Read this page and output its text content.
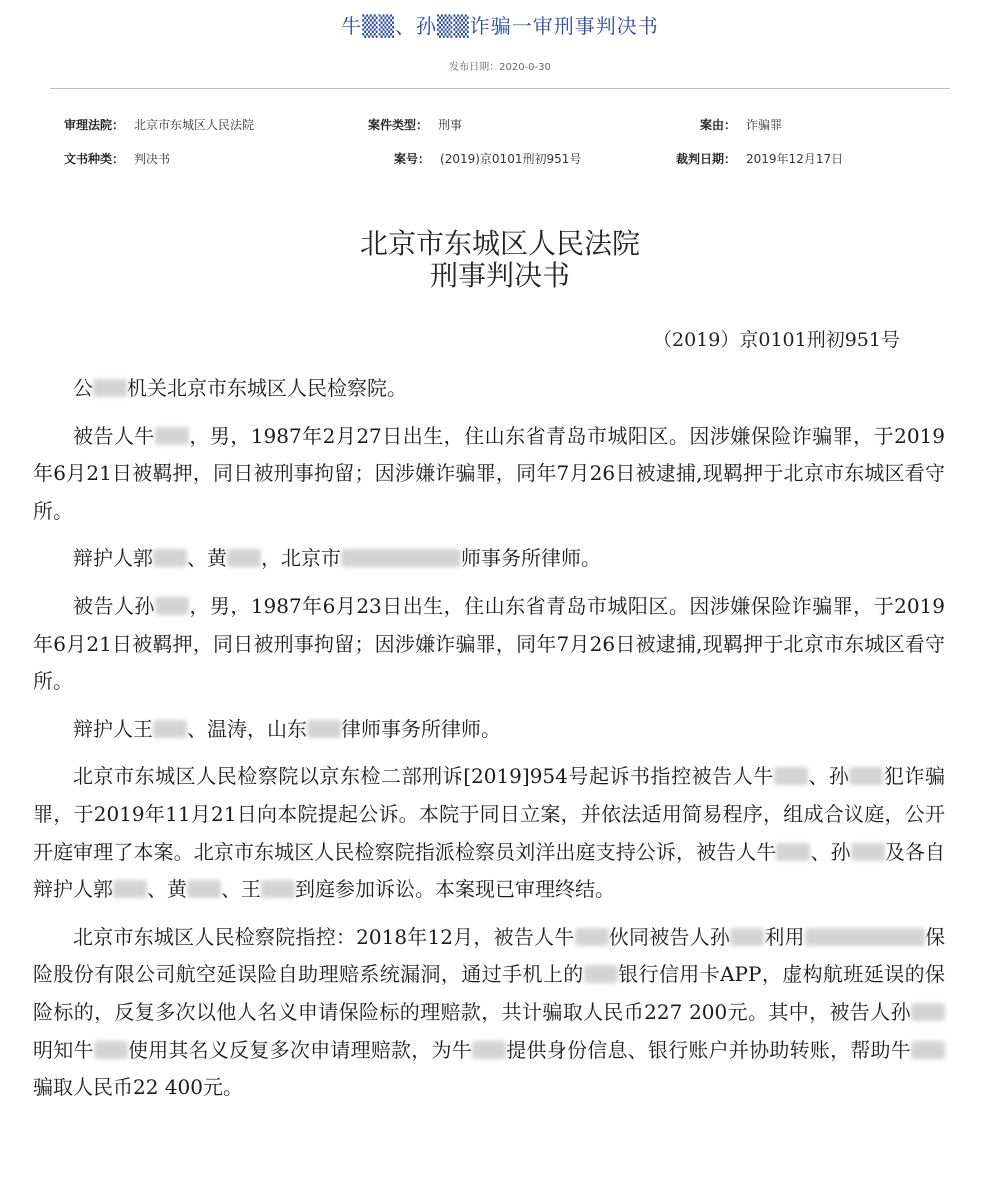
牛▒▒、孙▒▒诈骗一审刑事判决书
发布日期：2020-0-30
审理法院： 北京市东城区人民法院	案件类型： 刑事	案由： 诈骗罪
文书种类： 判决书	案号： (2019)京0101刑初951号	裁判日期： 2019年12月17日
北京市东城区人民法院
刑事判决书
（2019）京0101刑初951号

公 机关北京市东城区人民检察院。

被告人牛 ，男，1987年2月27日出生，住山东省青岛市城阳区。因涉嫌保险诈骗罪，于2019年6月21日被羁押，同日被刑事拘留；因涉嫌诈骗罪，同年7月26日被逮捕,现羁押于北京市东城区看守所。

辩护人郭 、黄 ，北京市	师事务所律师。

被告人孙 ，男，1987年6月23日出生，住山东省青岛市城阳区。因涉嫌保险诈骗罪，于2019年6月21日被羁押，同日被刑事拘留；因涉嫌诈骗罪，同年7月26日被逮捕,现羁押于北京市东城区看守所。

辩护人王 、温涛，山东 律师事务所律师。

北京市东城区人民检察院以京东检二部刑诉[2019]954号起诉书指控被告人牛 、孙 犯诈骗罪，于2019年11月21日向本院提起公诉。本院于同日立案，并依法适用简易程序，组成合议庭，公开开庭审理了本案。北京市东城区人民检察院指派检察员刘洋出庭支持公诉，被告人牛 、孙 及各自辩护人郭 、黄 、王 到庭参加诉讼。本案现已审理终结。

北京市东城区人民检察院指控：2018年12月，被告人牛 伙同被告人孙 利用	保险股份有限公司航空延误险自助理赔系统漏洞，通过手机上的 银行信用卡APP，虚构航班延误的保险标的，反复多次以他人名义申请保险标的理赔款，共计骗取人民币227 200元。其中，被告人孙明知牛 使用其名义反复多次申请理赔款，为牛 提供身份信息、银行账户并协助转账，帮助牛骗取人民币22 400元。
